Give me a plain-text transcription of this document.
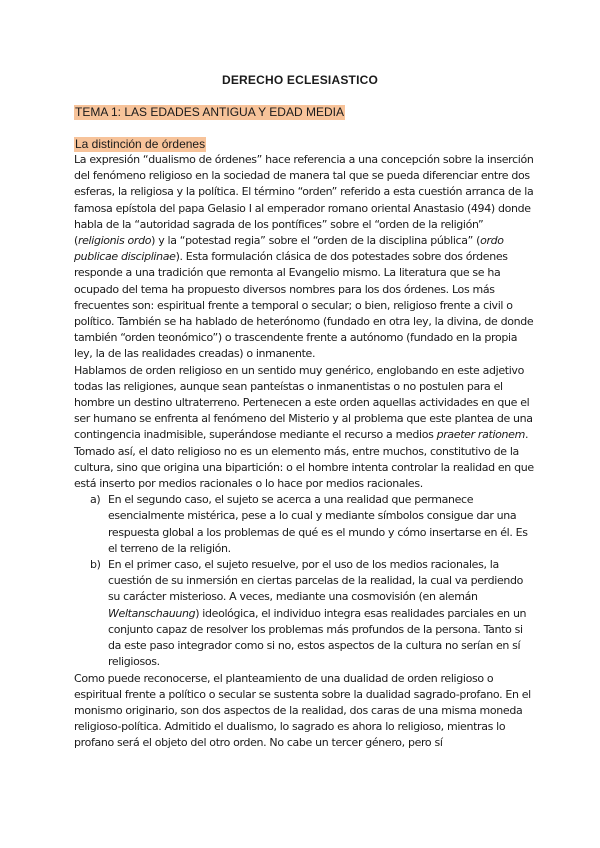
DERECHO ECLESIASTICO
TEMA 1: LAS EDADES ANTIGUA Y EDAD MEDIA
La distinción de órdenes

La expresión “dualismo de órdenes” hace referencia a una concepción sobre la inserción del fenómeno religioso en la sociedad de manera tal que se pueda diferenciar entre dos esferas, la religiosa y la política. El término “orden” referido a esta cuestión arranca de la famosa epístola del papa Gelasio I al emperador romano oriental Anastasio (494) donde habla de la “autoridad sagrada de los pontífices” sobre el “orden de la religión” (religionis ordo) y la “potestad regia” sobre el “orden de la disciplina pública” (ordo publicae disciplinae). Esta formulación clásica de dos potestades sobre dos órdenes responde a una tradición que remonta al Evangelio mismo. La literatura que se ha ocupado del tema ha propuesto diversos nombres para los dos órdenes. Los más frecuentes son: espiritual frente a temporal o secular; o bien, religioso frente a civil o político. También se ha hablado de heterónomo (fundado en otra ley, la divina, de donde también “orden teonómico”) o trascendente frente a autónomo (fundado en la propia ley, la de las realidades creadas) o inmanente.

Hablamos de orden religioso en un sentido muy genérico, englobando en este adjetivo todas las religiones, aunque sean panteístas o inmanentistas o no postulen para el hombre un destino ultraterreno. Pertenecen a este orden aquellas actividades en que el ser humano se enfrenta al fenómeno del Misterio y al problema que este plantea de una contingencia inadmisible, superándose mediante el recurso a medios praeter rationem. Tomado así, el dato religioso no es un elemento más, entre muchos, constitutivo de la cultura, sino que origina una bipartición: o el hombre intenta controlar la realidad en que está inserto por medios racionales o lo hace por medios racionales.

a) En el segundo caso, el sujeto se acerca a una realidad que permanece esencialmente mistérica, pese a lo cual y mediante símbolos consigue dar una respuesta global a los problemas de qué es el mundo y cómo insertarse en él. Es el terreno de la religión.
b) En el primer caso, el sujeto resuelve, por el uso de los medios racionales, la cuestión de su inmersión en ciertas parcelas de la realidad, la cual va perdiendo su carácter misterioso. A veces, mediante una cosmovisión (en alemán Weltanschauung) ideológica, el individuo integra esas realidades parciales en un conjunto capaz de resolver los problemas más profundos de la persona. Tanto si da este paso integrador como si no, estos aspectos de la cultura no serían en sí religiosos.

Como puede reconocerse, el planteamiento de una dualidad de orden religioso o espiritual frente a político o secular se sustenta sobre la dualidad sagrado-profano. En el monismo originario, son dos aspectos de la realidad, dos caras de una misma moneda religioso-política. Admitido el dualismo, lo sagrado es ahora lo religioso, mientras lo profano será el objeto del otro orden. No cabe un tercer género, pero sí
